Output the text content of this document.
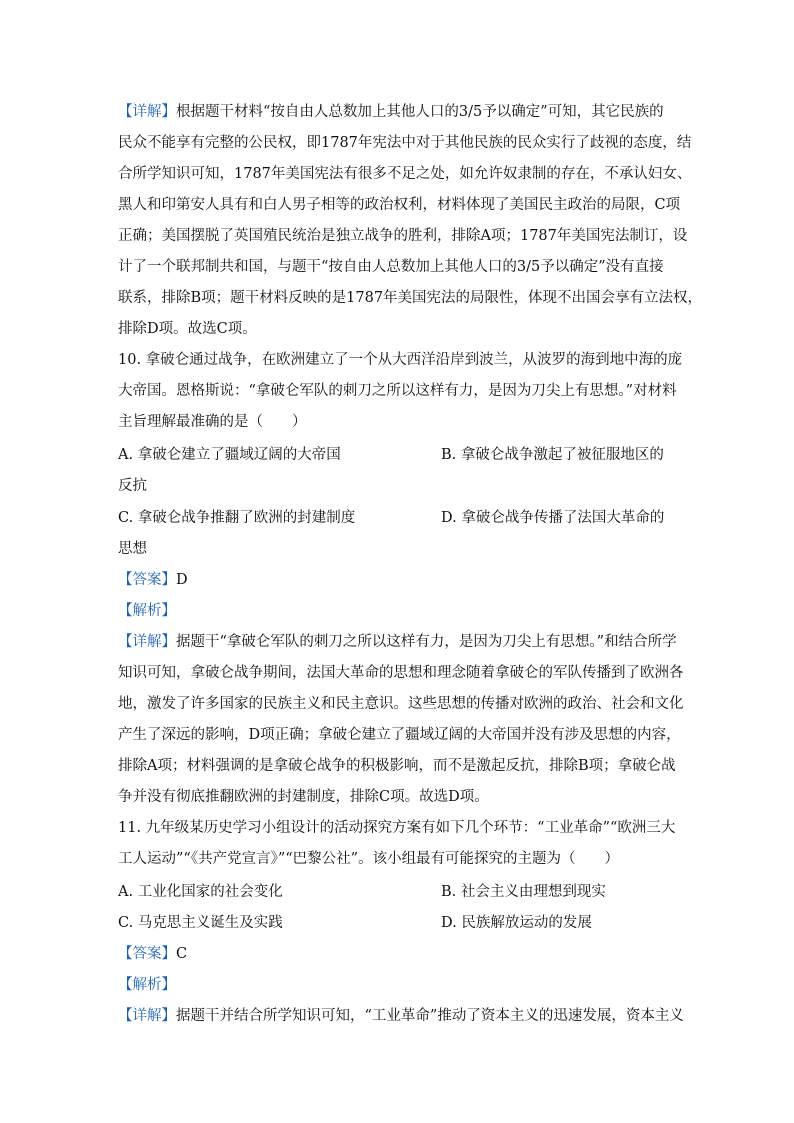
【详解】根据题干材料“按自由人总数加上其他人口的3/5予以确定”可知，其它民族的
民众不能享有完整的公民权，即1787年宪法中对于其他民族的民众实行了歧视的态度，结
合所学知识可知，1787年美国宪法有很多不足之处，如允许奴隶制的存在，不承认妇女、
黑人和印第安人具有和白人男子相等的政治权利，材料体现了美国民主政治的局限，C项
正确；美国摆脱了英国殖民统治是独立战争的胜利，排除A项；1787年美国宪法制订，设
计了一个联邦制共和国，与题干“按自由人总数加上其他人口的3/5予以确定”没有直接
联系，排除B项；题干材料反映的是1787年美国宪法的局限性，体现不出国会享有立法权，
排除D项。故选C项。
10. 拿破仑通过战争，在欧洲建立了一个从大西洋沿岸到波兰，从波罗的海到地中海的庞
大帝国。恩格斯说：“拿破仑军队的刺刀之所以这样有力，是因为刀尖上有思想。”对材料
主旨理解最准确的是（　　）
A. 拿破仑建立了疆域辽阔的大帝国	B. 拿破仑战争激起了被征服地区的
反抗
C. 拿破仑战争推翻了欧洲的封建制度	D. 拿破仑战争传播了法国大革命的
思想
【答案】D
【解析】
【详解】据题干“拿破仑军队的刺刀之所以这样有力，是因为刀尖上有思想。”和结合所学
知识可知，拿破仑战争期间，法国大革命的思想和理念随着拿破仑的军队传播到了欧洲各
地，激发了许多国家的民族主义和民主意识。这些思想的传播对欧洲的政治、社会和文化
产生了深远的影响，D项正确；拿破仑建立了疆域辽阔的大帝国并没有涉及思想的内容，
排除A项；材料强调的是拿破仑战争的积极影响，而不是激起反抗，排除B项；拿破仑战
争并没有彻底推翻欧洲的封建制度，排除C项。故选D项。
11. 九年级某历史学习小组设计的活动探究方案有如下几个环节：“工业革命”“欧洲三大
工人运动”“《共产党宣言》”“巴黎公社”。该小组最有可能探究的主题为（　　）
A. 工业化国家的社会变化	B. 社会主义由理想到现实
C. 马克思主义诞生及实践	D. 民族解放运动的发展
【答案】C
【解析】
【详解】据题干并结合所学知识可知，“工业革命”推动了资本主义的迅速发展，资本主义
